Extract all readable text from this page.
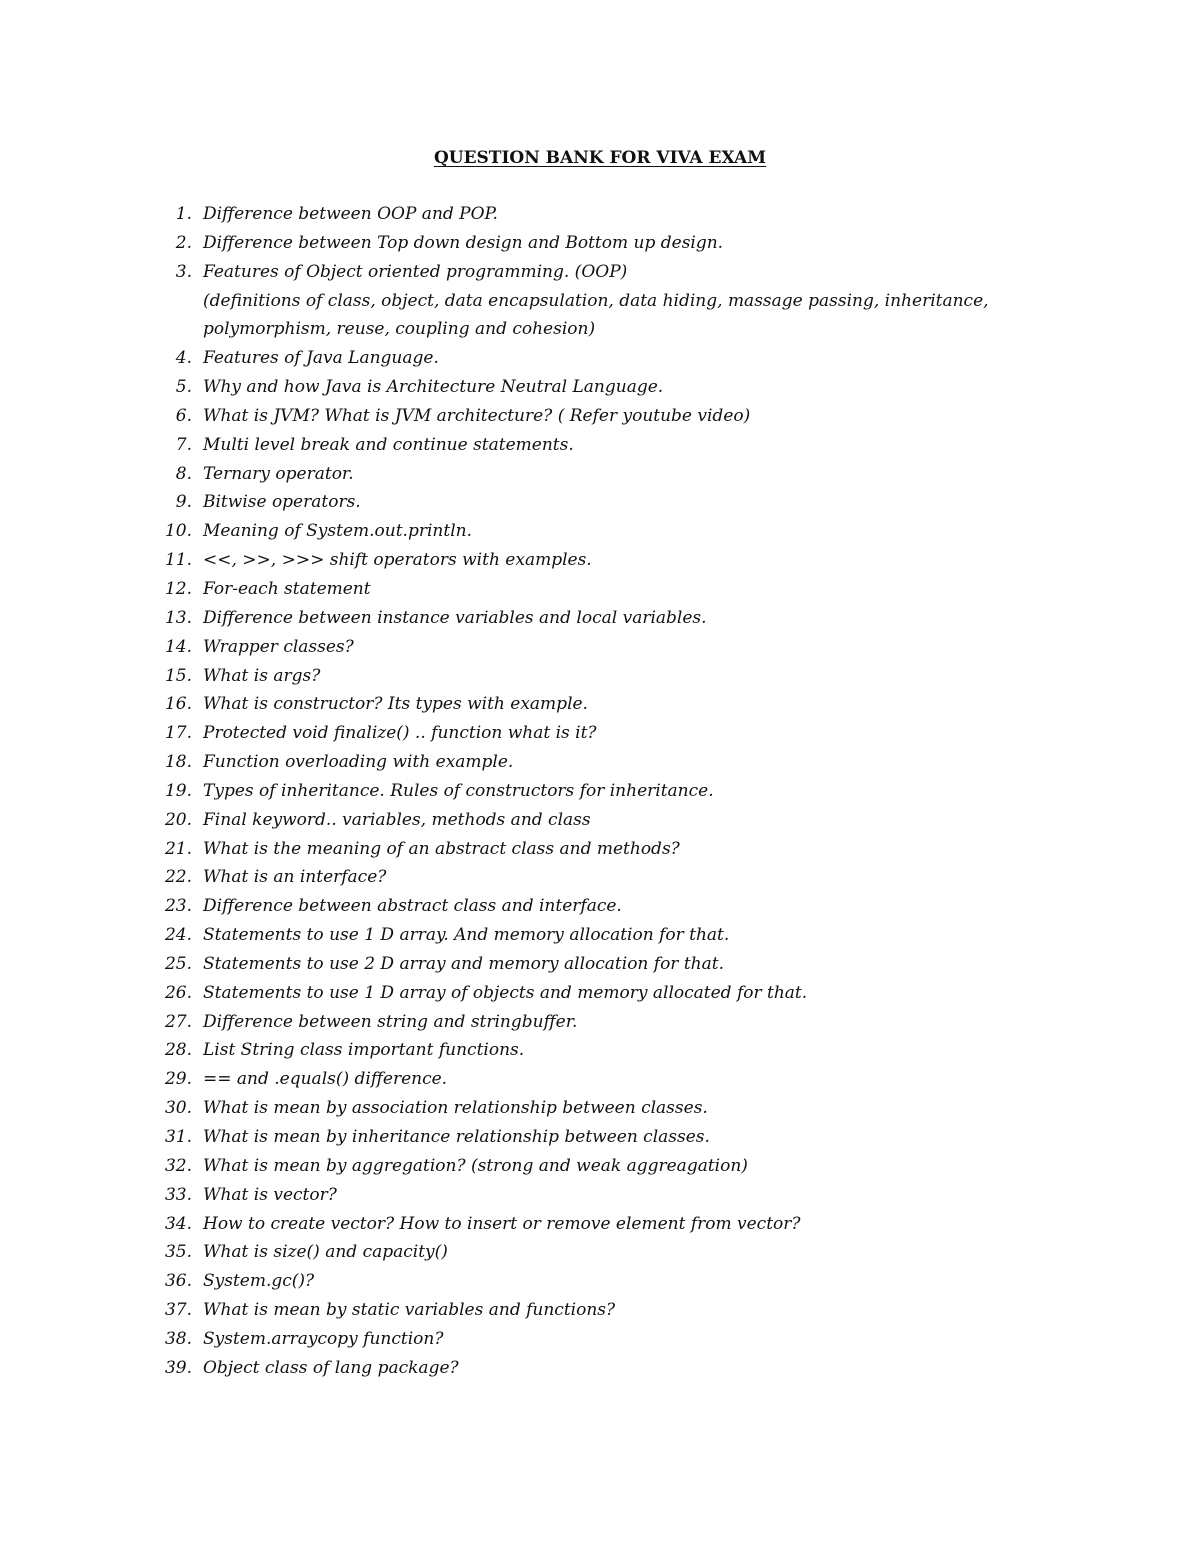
QUESTION BANK FOR VIVA EXAM
1. Difference between OOP and POP.
2. Difference between Top down design and Bottom up design.
3. Features of Object oriented programming. (OOP)
(definitions of class, object, data encapsulation, data hiding, massage passing, inheritance,
polymorphism, reuse, coupling and cohesion)
4. Features of Java Language.
5. Why and how Java is Architecture Neutral Language.
6. What is JVM? What is JVM architecture? ( Refer youtube video)
7. Multi level break and continue statements.
8. Ternary operator.
9. Bitwise operators.
10. Meaning of System.out.println.
11. <<, >>, >>> shift operators with examples.
12. For-each statement
13. Difference between instance variables and local variables.
14. Wrapper classes?
15. What is args?
16. What is constructor? Its types with example.
17. Protected void finalize() .. function what is it?
18. Function overloading with example.
19. Types of inheritance. Rules of constructors for inheritance.
20. Final keyword.. variables, methods and class
21. What is the meaning of an abstract class and methods?
22. What is an interface?
23. Difference between abstract class and interface.
24. Statements to use 1 D array. And memory allocation for that.
25. Statements to use 2 D array and memory allocation for that.
26. Statements to use 1 D array of objects and memory allocated for that.
27. Difference between string and stringbuffer.
28. List String class important functions.
29. == and .equals() difference.
30. What is mean by association relationship between classes.
31. What is mean by inheritance relationship between classes.
32. What is mean by aggregation? (strong and weak aggreagation)
33. What is vector?
34. How to create vector? How to insert or remove element from vector?
35. What is size() and capacity()
36. System.gc()?
37. What is mean by static variables and functions?
38. System.arraycopy function?
39. Object class of lang package?
